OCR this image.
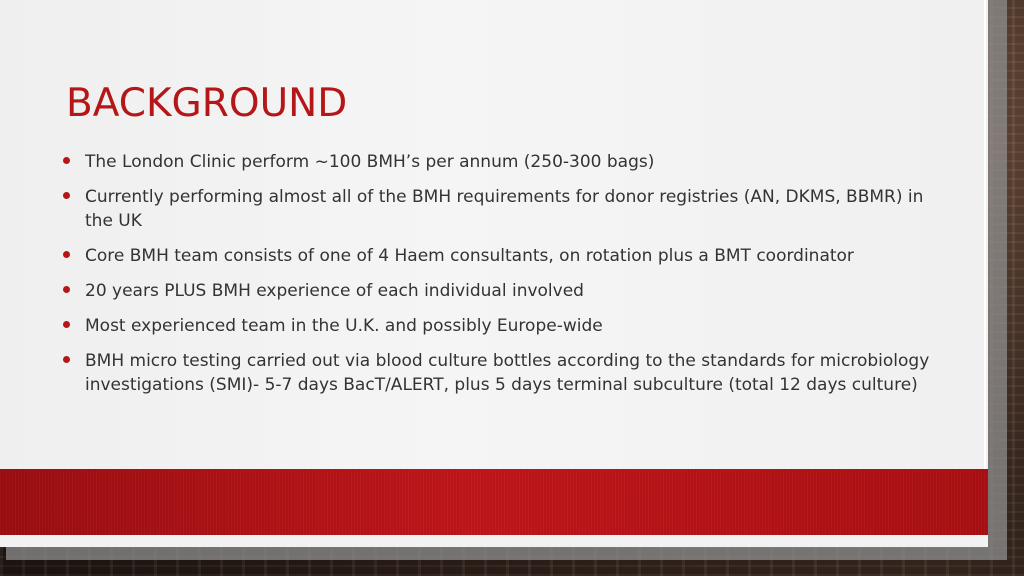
BACKGROUND
The London Clinic perform ~100 BMH’s per annum (250-300 bags)
Currently performing almost all of the BMH requirements for donor registries (AN, DKMS, BBMR) in the UK
Core BMH team consists of one of 4 Haem consultants, on rotation plus a BMT coordinator
20 years PLUS BMH experience of each individual involved
Most experienced team in the U.K. and possibly Europe-wide
BMH micro testing carried out via blood culture bottles according to the standards for microbiology investigations (SMI)- 5-7 days BacT/ALERT, plus 5 days terminal subculture (total 12 days culture)
